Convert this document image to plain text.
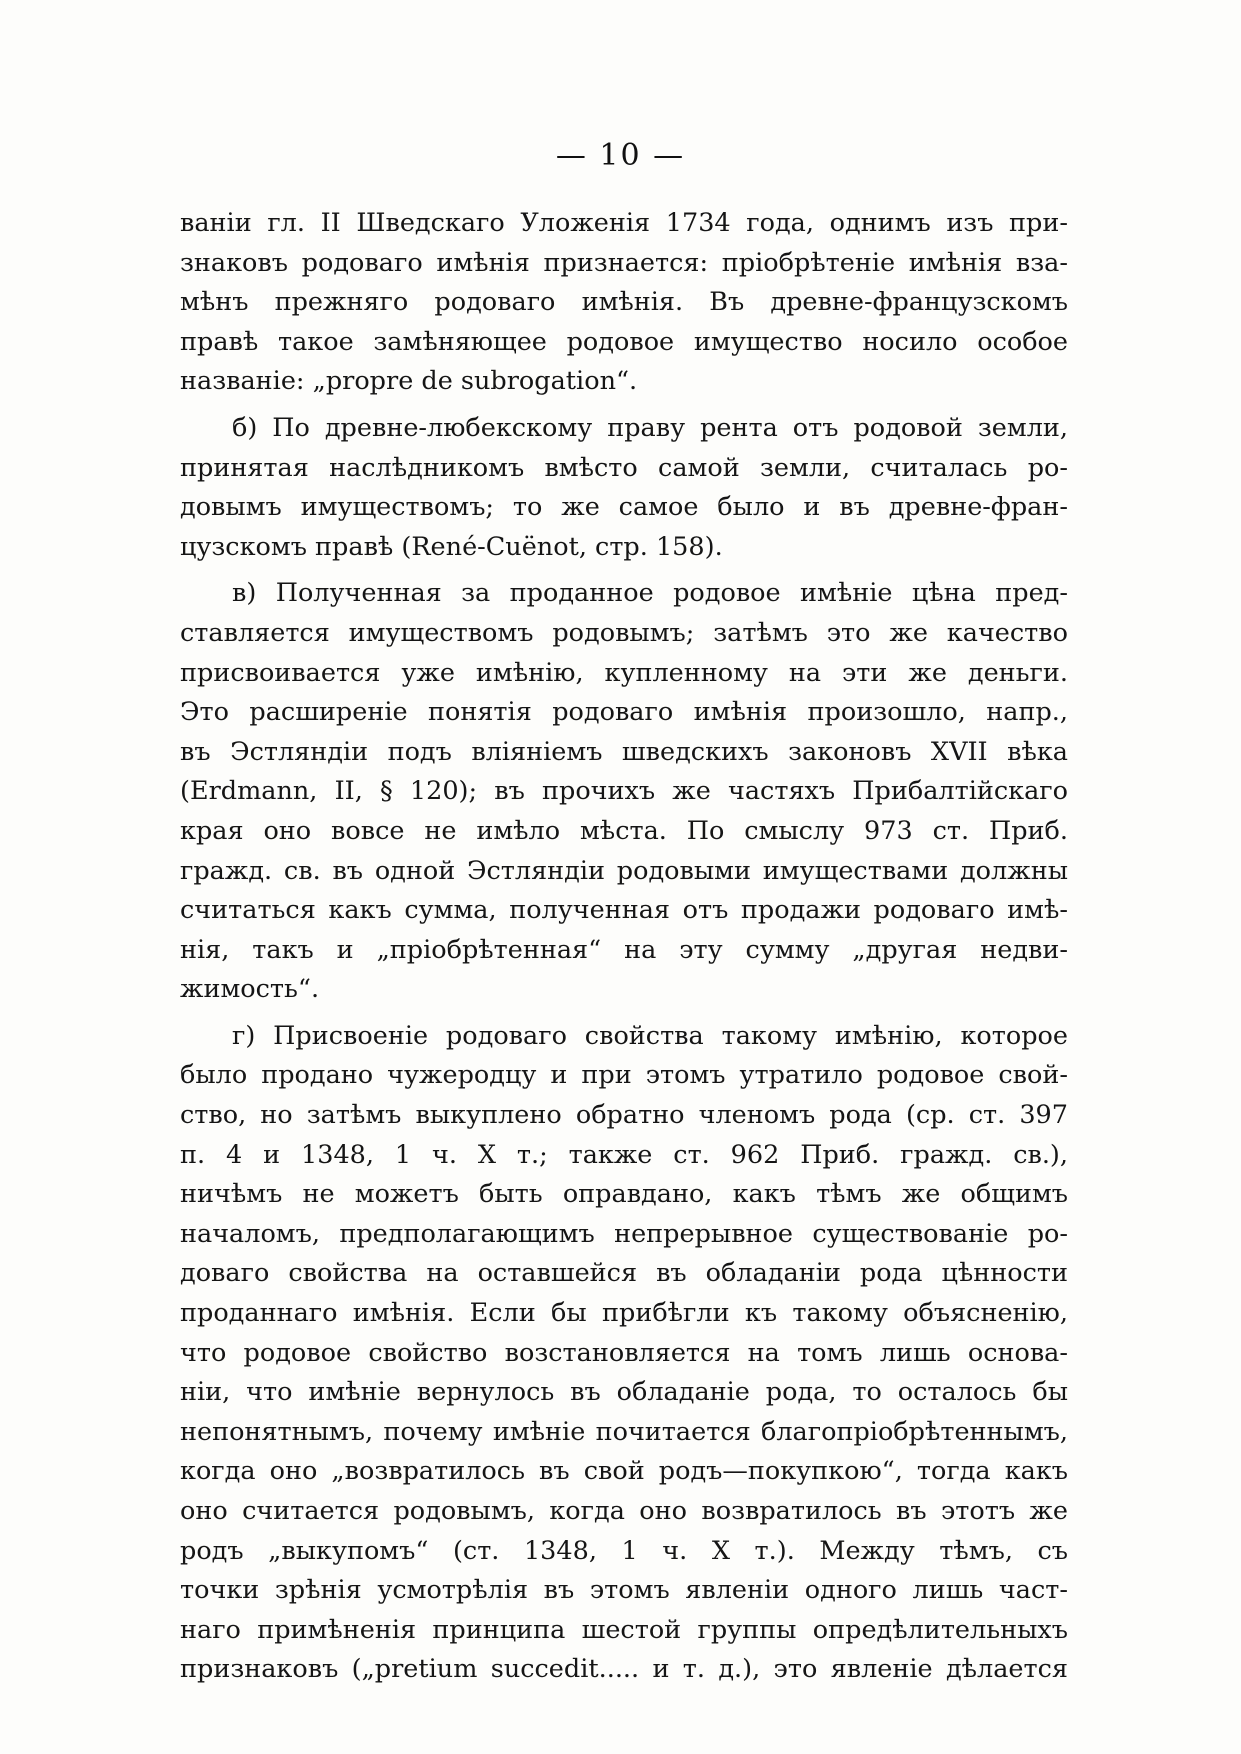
— 10 —
ваніи гл. II Шведскаго Уложенія 1734 года, однимъ изъ при-
знаковъ родоваго имѣнія признается: пріобрѣтеніе имѣнія вза-
мѣнъ прежняго родоваго имѣнія. Въ древне-французскомъ
правѣ такое замѣняющее родовое имущество носило особое
названіе: „propre de subrogation“.
б) По древне-любекскому праву рента отъ родовой земли,
принятая наслѣдникомъ вмѣсто самой земли, считалась ро-
довымъ имуществомъ; то же самое было и въ древне-фран-
цузскомъ правѣ (René-Cuënot, стр. 158).
в) Полученная за проданное родовое имѣніе цѣна пред-
ставляется имуществомъ родовымъ; затѣмъ это же качество
присвоивается уже имѣнію, купленному на эти же деньги.
Это расширеніе понятія родоваго имѣнія произошло, напр.,
въ Эстляндіи подъ вліяніемъ шведскихъ законовъ XVII вѣка
(Erdmann, II, § 120); въ прочихъ же частяхъ Прибалтійскаго
края оно вовсе не имѣло мѣста. По смыслу 973 ст. Приб.
гражд. св. въ одной Эстляндіи родовыми имуществами должны
считаться какъ сумма, полученная отъ продажи родоваго имѣ-
нія, такъ и „пріобрѣтенная“ на эту сумму „другая недви-
жимость“.
г) Присвоеніе родоваго свойства такому имѣнію, которое
было продано чужеродцу и при этомъ утратило родовое свой-
ство, но затѣмъ выкуплено обратно членомъ рода (ср. ст. 397
п. 4 и 1348, 1 ч. X т.; также ст. 962 Приб. гражд. св.),
ничѣмъ не можетъ быть оправдано, какъ тѣмъ же общимъ
началомъ, предполагающимъ непрерывное существованіе ро-
доваго свойства на оставшейся въ обладаніи рода цѣнности
проданнаго имѣнія. Если бы прибѣгли къ такому объясненію,
что родовое свойство возстановляется на томъ лишь основа-
ніи, что имѣніе вернулось въ обладаніе рода, то осталось бы
непонятнымъ, почему имѣніе почитается благопріобрѣтеннымъ,
когда оно „возвратилось въ свой родъ—покупкою“, тогда какъ
оно считается родовымъ, когда оно возвратилось въ этотъ же
родъ „выкупомъ“ (ст. 1348, 1 ч. X т.). Между тѣмъ, съ
точки зрѣнія усмотрѣлія въ этомъ явленіи одного лишь част-
наго примѣненія принципа шестой группы опредѣлительныхъ
признаковъ („pretium succedit..... и т. д.), это явленіе дѣлается
